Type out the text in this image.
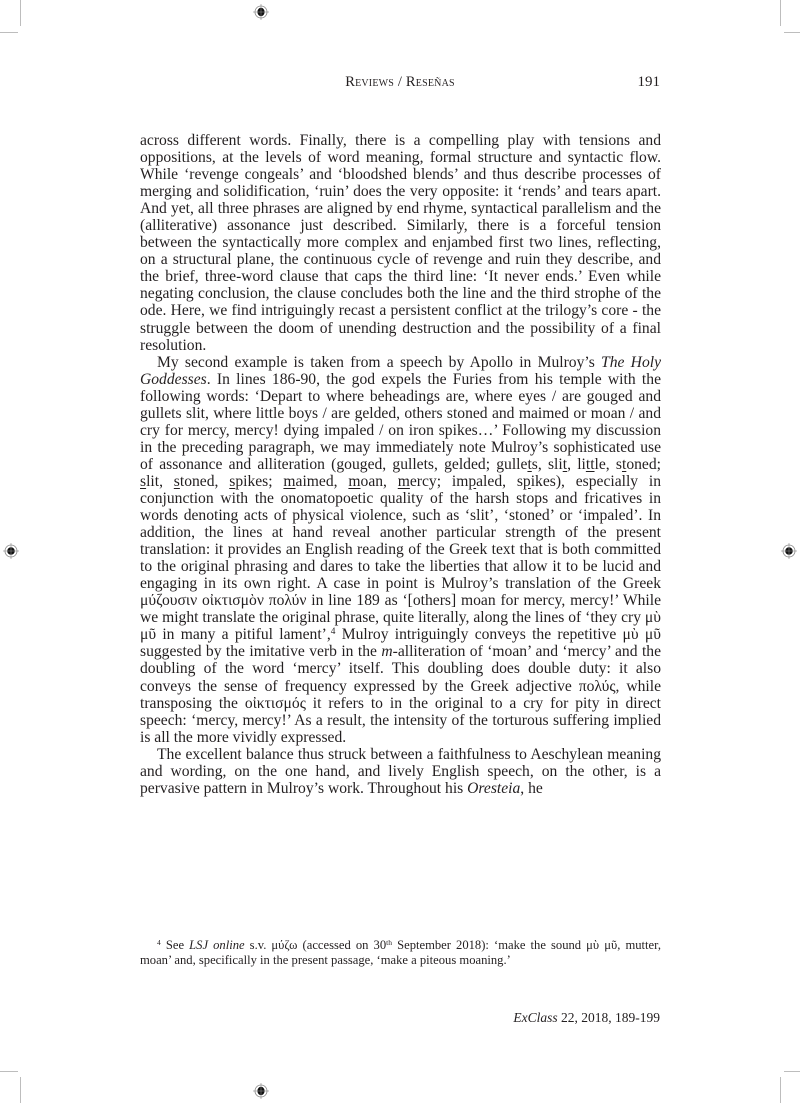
Reviews / Reseñas	191

across different words. Finally, there is a compelling play with tensions and oppositions, at the levels of word meaning, formal structure and syntactic flow. While ‘revenge congeals’ and ‘bloodshed blends’ and thus describe processes of merging and solidification, ‘ruin’ does the very opposite: it ‘rends’ and tears apart. And yet, all three phrases are aligned by end rhyme, syntactical parallelism and the (alliterative) assonance just described. Similarly, there is a forceful tension between the syntactically more complex and enjambed first two lines, reflecting, on a structural plane, the continuous cycle of revenge and ruin they describe, and the brief, three-word clause that caps the third line: ‘It never ends.’ Even while negating conclusion, the clause concludes both the line and the third strophe of the ode. Here, we find intriguingly recast a persistent conflict at the trilogy’s core - the struggle between the doom of unending destruction and the possibility of a final resolution.

My second example is taken from a speech by Apollo in Mulroy’s The Holy Goddesses. In lines 186-90, the god expels the Furies from his temple with the following words: ‘Depart to where beheadings are, where eyes / are gouged and gullets slit, where little boys / are gelded, others stoned and maimed or moan / and cry for mercy, mercy! dying impaled / on iron spikes…’ Following my discussion in the preceding paragraph, we may immediately note Mulroy’s sophisticated use of assonance and alliteration (gouged, gullets, gelded; gullets, slit, little, stoned; slit, stoned, spikes; maimed, moan, mercy; impaled, spikes), especially in conjunction with the onomatopoetic quality of the harsh stops and fricatives in words denoting acts of physical violence, such as ‘slit’, ‘stoned’ or ‘impaled’. In addition, the lines at hand reveal another particular strength of the present translation: it provides an English reading of the Greek text that is both committed to the original phrasing and dares to take the liberties that allow it to be lucid and engaging in its own right. A case in point is Mulroy’s translation of the Greek μύζουσιν οἰκτισμὸν πολύν in line 189 as ‘[others] moan for mercy, mercy!’ While we might translate the original phrase, quite literally, along the lines of ‘they cry μὺ μῦ in many a pitiful lament’,$^4$ Mulroy intriguingly conveys the repetitive μὺ μῦ suggested by the imitative verb in the m-alliteration of ‘moan’ and ‘mercy’ and the doubling of the word ‘mercy’ itself. This doubling does double duty: it also conveys the sense of frequency expressed by the Greek adjective πολύς, while transposing the οἰκτισμός it refers to in the original to a cry for pity in direct speech: ‘mercy, mercy!’ As a result, the intensity of the torturous suffering implied is all the more vividly expressed.

The excellent balance thus struck between a faithfulness to Aeschylean meaning and wording, on the one hand, and lively English speech, on the other, is a pervasive pattern in Mulroy’s work. Throughout his Oresteia, he

$^4$ See LSJ online s.v. μύζω (accessed on 30th September 2018): ‘make the sound μὺ μῦ, mutter, moan’ and, specifically in the present passage, ‘make a piteous moaning.’

ExClass 22, 2018, 189-199
